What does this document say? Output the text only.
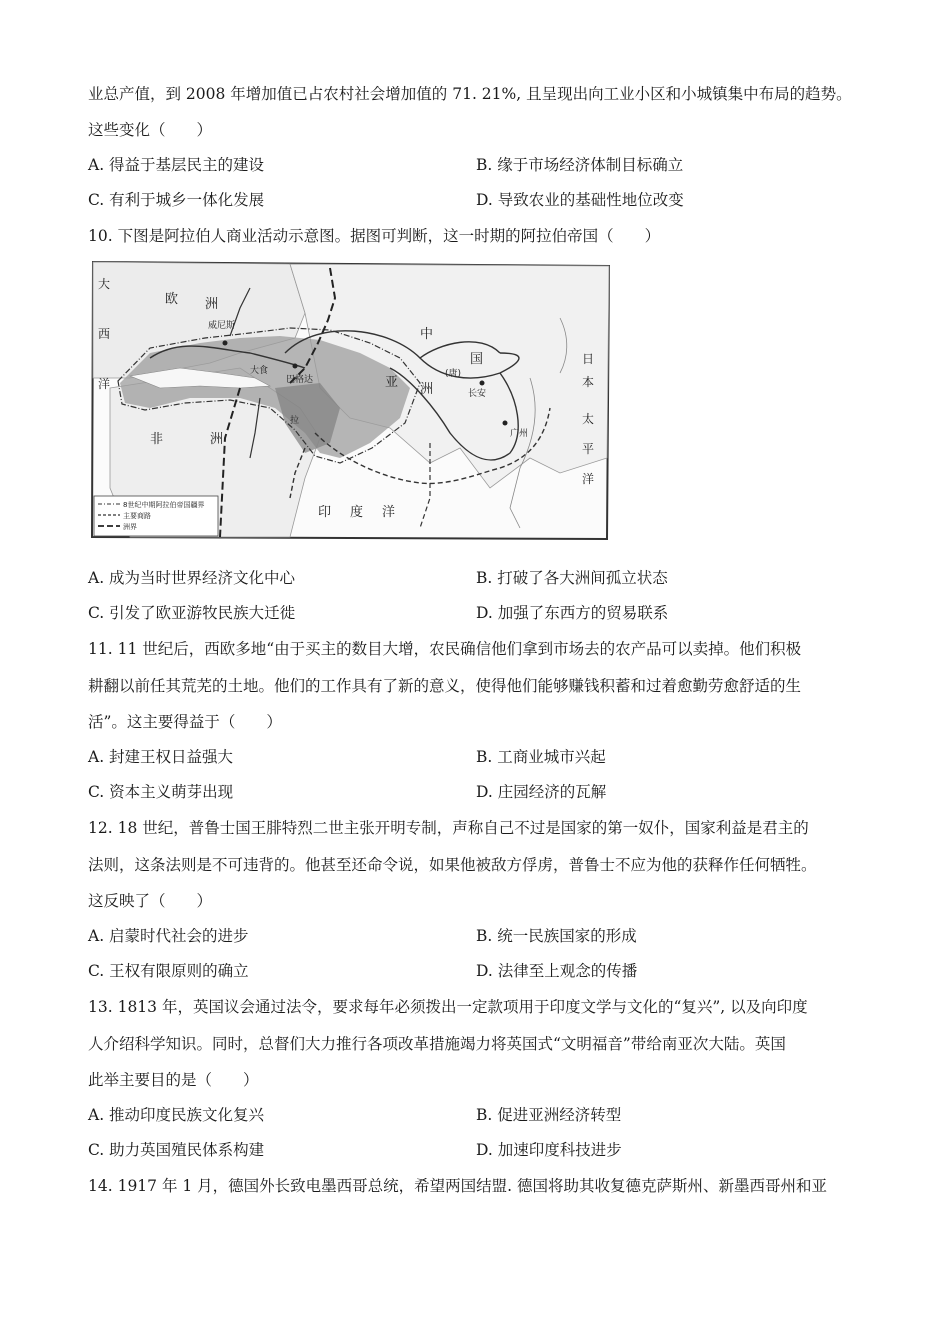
业总产值，到 2008 年增加值已占农村社会增加值的 71. 21%, 且呈现出向工业小区和小城镇集中布局的趋势。
这些变化（　　）
A. 得益于基层民主的建设	B. 缘于市场经济体制目标确立
C. 有利于城乡一体化发展	D. 导致农业的基础性地位改变
10. 下图是阿拉伯人商业活动示意图。据图可判断，这一时期的阿拉伯帝国（　　）
大
西
洋
欧 洲
威尼斯
巴格达
大食
拉
中
国
亚 洲
(唐)
长安
广州
非	洲
印 度 洋
日
本
太
平
洋
8世纪中期阿拉伯帝国疆界
主要商路
洲界
A. 成为当时世界经济文化中心	B. 打破了各大洲间孤立状态
C. 引发了欧亚游牧民族大迁徙	D. 加强了东西方的贸易联系
11. 11 世纪后，西欧多地“由于买主的数目大增，农民确信他们拿到市场去的农产品可以卖掉。他们积极
耕翻以前任其荒芜的土地。他们的工作具有了新的意义，使得他们能够赚钱积蓄和过着愈勤劳愈舒适的生
活”。这主要得益于（　　）
A. 封建王权日益强大	B. 工商业城市兴起
C. 资本主义萌芽出现	D. 庄园经济的瓦解
12. 18 世纪，普鲁士国王腓特烈二世主张开明专制，声称自己不过是国家的第一奴仆，国家利益是君主的
法则，这条法则是不可违背的。他甚至还命令说，如果他被敌方俘虏，普鲁士不应为他的获释作任何牺牲。
这反映了（　　）
A. 启蒙时代社会的进步	B. 统一民族国家的形成
C. 王权有限原则的确立	D. 法律至上观念的传播
13. 1813 年，英国议会通过法令，要求每年必须拨出一定款项用于印度文学与文化的“复兴”, 以及向印度
人介绍科学知识。同时，总督们大力推行各项改革措施竭力将英国式“文明福音”带给南亚次大陆。英国
此举主要目的是（　　）
A. 推动印度民族文化复兴	B. 促进亚洲经济转型
C. 助力英国殖民体系构建	D. 加速印度科技进步
14. 1917 年 1 月，德国外长致电墨西哥总统，希望两国结盟. 德国将助其收复德克萨斯州、新墨西哥州和亚
